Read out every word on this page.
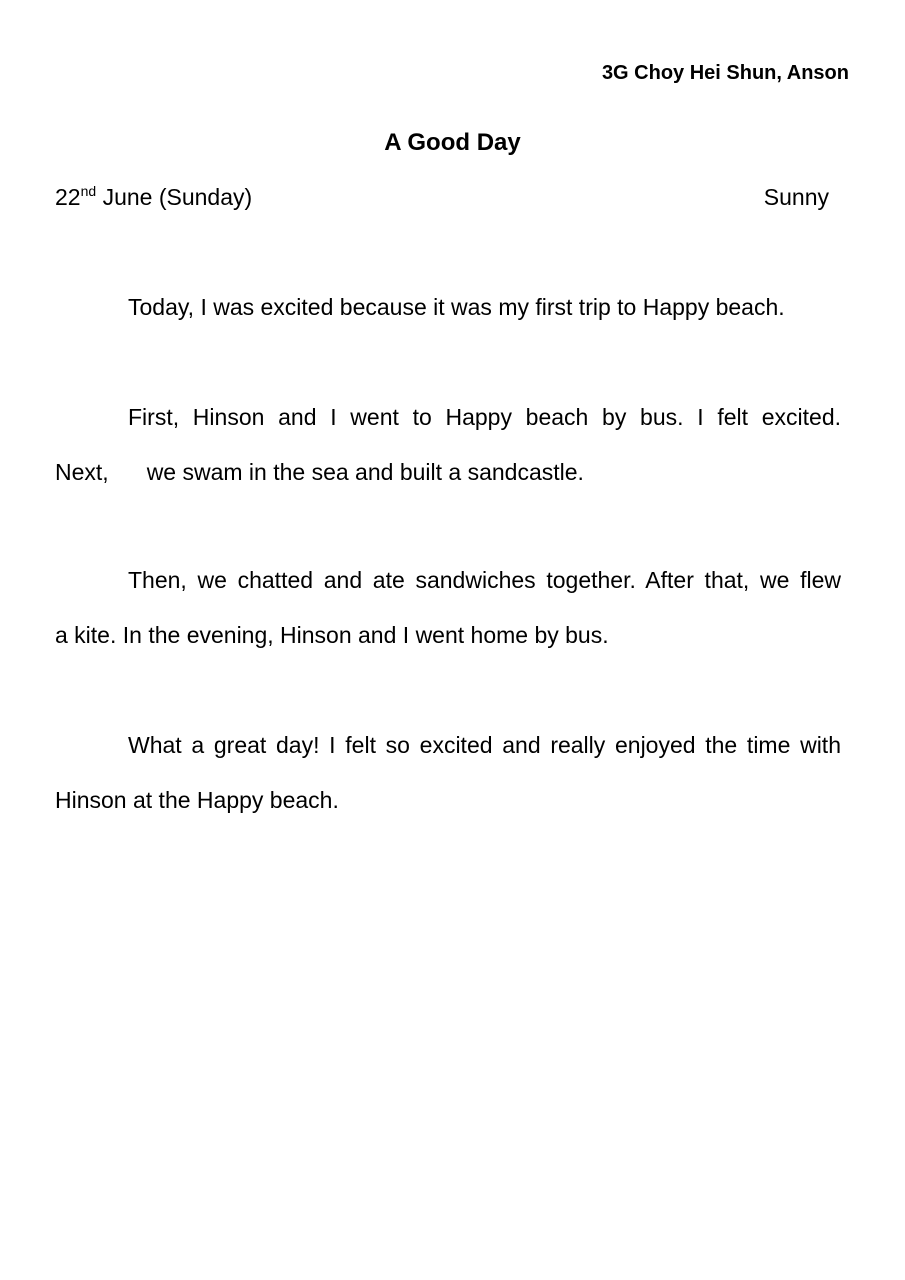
3G Choy Hei Shun, Anson
A Good Day
22nd June (Sunday)	Sunny
Today, I was excited because it was my first trip to Happy beach.
First, Hinson and I went to Happy beach by bus. I felt excited.
Next, we swam in the sea and built a sandcastle.
Then, we chatted and ate sandwiches together. After that, we flew
a kite. In the evening, Hinson and I went home by bus.
What a great day! I felt so excited and really enjoyed the time with
Hinson at the Happy beach.
